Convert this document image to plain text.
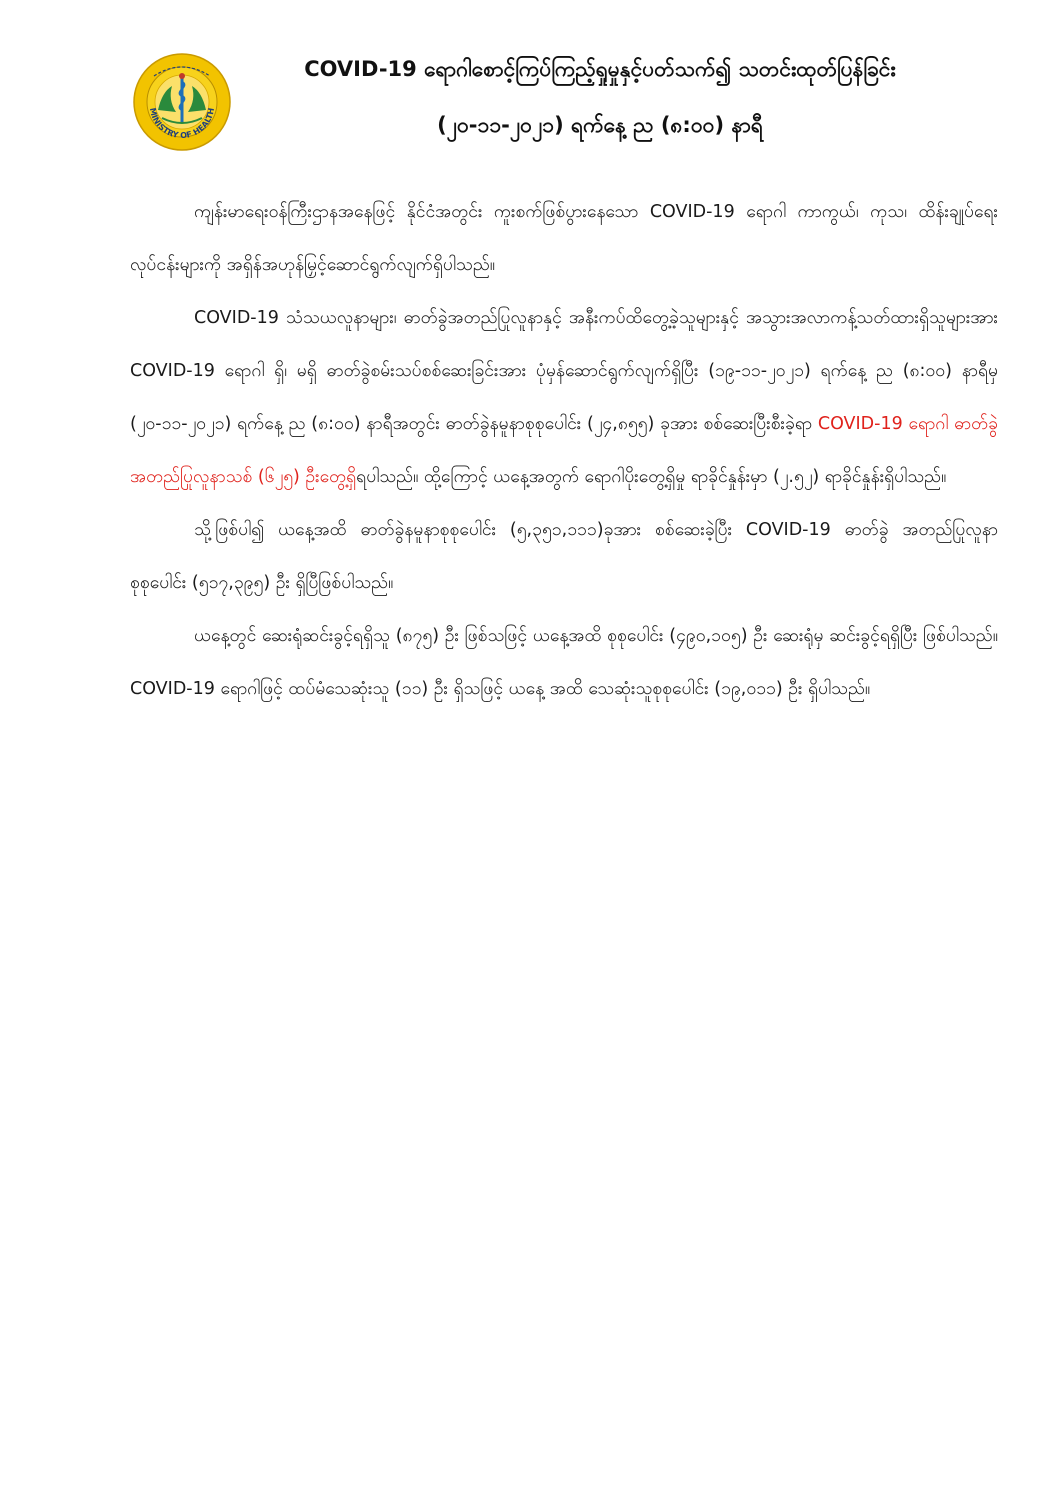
MINISTRY OF HEALTH
COVID-19 ရောဂါစောင့်ကြပ်ကြည့်ရှုမှုနှင့်ပတ်သက်၍ သတင်းထုတ်ပြန်ခြင်း
(၂၀-၁၁-၂၀၂၁) ရက်နေ့ ည (၈:၀၀) နာရီ

ကျန်းမာရေးဝန်ကြီးဌာနအနေဖြင့် နိုင်ငံအတွင်း ကူးစက်ဖြစ်ပွားနေသော COVID-19 ရောဂါ ကာကွယ်၊ ကုသ၊ ထိန်းချုပ်ရေးလုပ်ငန်းများကို အရှိန်အဟုန်မြှင့်ဆောင်ရွက်လျက်ရှိပါသည်။

COVID-19 သံသယလူနာများ၊ ဓာတ်ခွဲအတည်ပြုလူနာနှင့် အနီးကပ်ထိတွေ့ခဲ့သူများနှင့် အသွားအလာကန့်သတ်ထားရှိသူများအား COVID-19 ရောဂါ ရှိ၊ မရှိ ဓာတ်ခွဲစမ်းသပ်စစ်ဆေးခြင်းအား ပုံမှန်ဆောင်ရွက်လျက်ရှိပြီး (၁၉-၁၁-၂၀၂၁) ရက်နေ့ ည (၈:၀၀) နာရီမှ (၂၀-၁၁-၂၀၂၁) ရက်နေ့ ည (၈:၀၀) နာရီအတွင်း ဓာတ်ခွဲနမူနာစုစုပေါင်း (၂၄,၈၅၅) ခုအား စစ်ဆေးပြီးစီးခဲ့ရာ COVID-19 ရောဂါ ဓာတ်ခွဲအတည်ပြုလူနာသစ် (၆၂၅) ဦးတွေ့ရှိရပါသည်။ ထို့ကြောင့် ယနေ့အတွက် ရောဂါပိုးတွေ့ရှိမှု ရာခိုင်နှုန်းမှာ (၂.၅၂) ရာခိုင်နှုန်းရှိပါသည်။

သို့ဖြစ်ပါ၍ ယနေ့အထိ ဓာတ်ခွဲနမူနာစုစုပေါင်း (၅,၃၅၁,၁၁၁)ခုအား စစ်ဆေးခဲ့ပြီး COVID-19 ဓာတ်ခွဲ အတည်ပြုလူနာ စုစုပေါင်း (၅၁၇,၃၉၅) ဦး ရှိပြီဖြစ်ပါသည်။

ယနေ့တွင် ဆေးရုံဆင်းခွင့်ရရှိသူ (၈၇၅) ဦး ဖြစ်သဖြင့် ယနေ့အထိ စုစုပေါင်း (၄၉၀,၁၀၅) ဦး ဆေးရုံမှ ဆင်းခွင့်ရရှိပြီး ဖြစ်ပါသည်။ COVID-19 ရောဂါဖြင့် ထပ်မံသေဆုံးသူ (၁၁) ဦး ရှိသဖြင့် ယနေ့ အထိ သေဆုံးသူစုစုပေါင်း (၁၉,၀၁၁) ဦး ရှိပါသည်။
